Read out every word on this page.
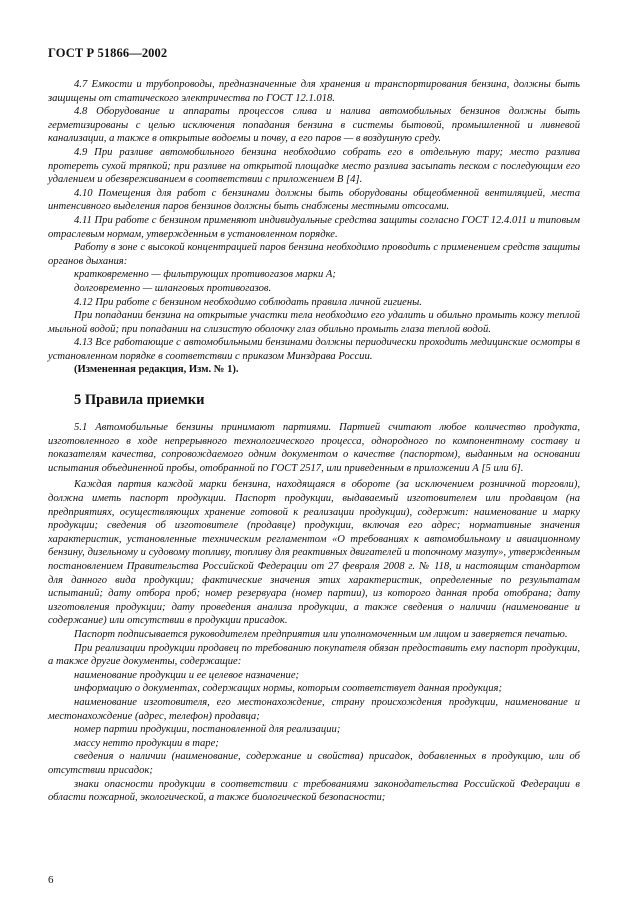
ГОСТ Р 51866—2002

4.7 Емкости и трубопроводы, предназначенные для хранения и транспортирования бензина, должны быть защищены от статического электричества по ГОСТ 12.1.018.

4.8 Оборудование и аппараты процессов слива и налива автомобильных бензинов должны быть герметизированы с целью исключения попадания бензина в системы бытовой, промышленной и ливневой канализации, а также в открытые водоемы и почву, а его паров — в воздушную среду.

4.9 При разливе автомобильного бензина необходимо собрать его в отдельную тару; место разлива протереть сухой тряпкой; при разливе на открытой площадке место разлива засыпать песком с последующим его удалением и обезвреживанием в соответствии с приложением В [4].

4.10 Помещения для работ с бензинами должны быть оборудованы общеобменной вентиляцией, места интенсивного выделения паров бензинов должны быть снабжены местными отсосами.

4.11 При работе с бензином применяют индивидуальные средства защиты согласно ГОСТ 12.4.011 и типовым отраслевым нормам, утвержденным в установленном порядке.

Работу в зоне с высокой концентрацией паров бензина необходимо проводить с применением средств защиты органов дыхания:

кратковременно — фильтрующих противогазов марки А;

долговременно — шланговых противогазов.

4.12 При работе с бензином необходимо соблюдать правила личной гигиены.

При попадании бензина на открытые участки тела необходимо его удалить и обильно промыть кожу теплой мыльной водой; при попадании на слизистую оболочку глаз обильно промыть глаза теплой водой.

4.13 Все работающие с автомобильными бензинами должны периодически проходить медицинские осмотры в установленном порядке в соответствии с приказом Минздрава России.

(Измененная редакция, Изм. № 1).

5 Правила приемки

5.1 Автомобильные бензины принимают партиями. Партией считают любое количество продукта, изготовленного в ходе непрерывного технологического процесса, однородного по компонентному составу и показателям качества, сопровождаемого одним документом о качестве (паспортом), выданным на основании испытания объединенной пробы, отобранной по ГОСТ 2517, или приведенным в приложении А [5 или 6].

Каждая партия каждой марки бензина, находящаяся в обороте (за исключением розничной торговли), должна иметь паспорт продукции. Паспорт продукции, выдаваемый изготовителем или продавцом (на предприятиях, осуществляющих хранение готовой к реализации продукции), содержит: наименование и марку продукции; сведения об изготовителе (продавце) продукции, включая его адрес; нормативные значения характеристик, установленные техническим регламентом «О требованиях к автомобильному и авиационному бензину, дизельному и судовому топливу, топливу для реактивных двигателей и топочному мазуту», утвержденным постановлением Правительства Российской Федерации от 27 февраля 2008 г. № 118, и настоящим стандартом для данного вида продукции; фактические значения этих характеристик, определенные по результатам испытаний; дату отбора проб; номер резервуара (номер партии), из которого данная проба отобрана; дату изготовления продукции; дату проведения анализа продукции, а также сведения о наличии (наименование и содержание) или отсутствии в продукции присадок.

Паспорт подписывается руководителем предприятия или уполномоченным им лицом и заверяется печатью.

При реализации продукции продавец по требованию покупателя обязан предоставить ему паспорт продукции, а также другие документы, содержащие:

наименование продукции и ее целевое назначение;

информацию о документах, содержащих нормы, которым соответствует данная продукция;

наименование изготовителя, его местонахождение, страну происхождения продукции, наименование и местонахождение (адрес, телефон) продавца;

номер партии продукции, постановленной для реализации;

массу нетто продукции в таре;

сведения о наличии (наименование, содержание и свойства) присадок, добавленных в продукцию, или об отсутствии присадок;

знаки опасности продукции в соответствии с требованиями законодательства Российской Федерации в области пожарной, экологической, а также биологической безопасности;

6
